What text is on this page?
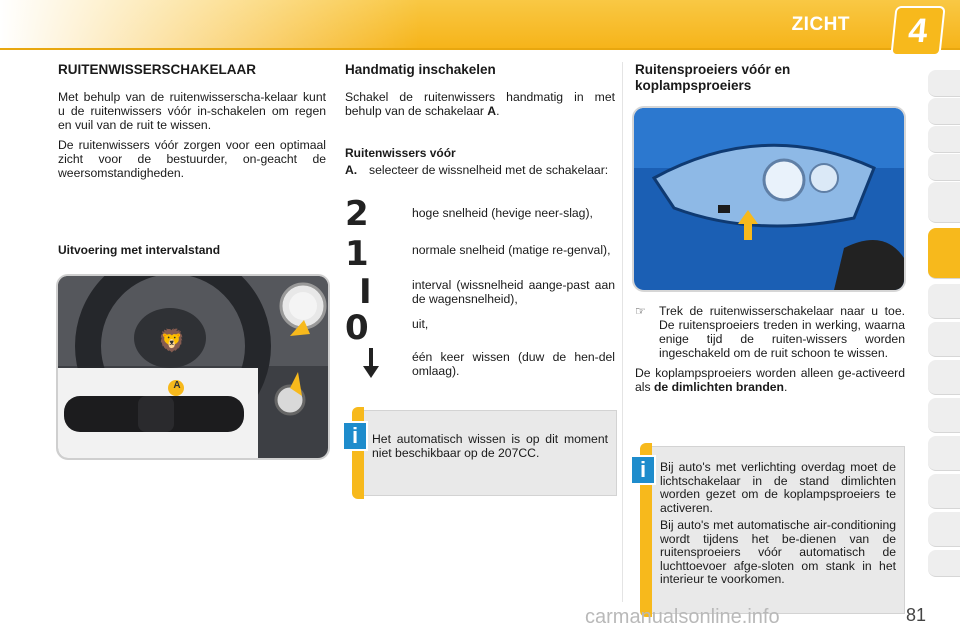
ZICHT	4
RUITENWISSERSCHAKELAAR

Met behulp van de ruitenwisserscha-kelaar kunt u de ruitenwissers vóór in-schakelen om regen en vuil van de ruit te wissen.

De ruitenwissers vóór zorgen voor een optimaal zicht voor de bestuurder, on-geacht de weersomstandigheden.

Uitvoering met intervalstand
🦁
A
Handmatig inschakelen

Schakel de ruitenwissers handmatig in met behulp van de schakelaar A.

Ruitenwissers vóór
A. selecteer de wissnelheid met de schakelaar:
2	hoge snelheid (hevige neer-slag),
1	normale snelheid (matige re-genval),
I	interval (wissnelheid aange-past aan de wagensnelheid),
0	uit,
één keer wissen (duw de hen-del omlaag).
i	Het automatisch wissen is op dit moment niet beschikbaar op de 207CC.
Ruitensproeiers vóór en koplampsproeiers
☞ Trek de ruitenwisserschakelaar naar u toe. De ruitensproeiers treden in werking, waarna enige tijd de ruiten-wissers worden ingeschakeld om de ruit schoon te wissen.

De koplampsproeiers worden alleen ge-activeerd als de dimlichten branden.

i	Bij auto's met verlichting overdag moet de lichtschakelaar in de stand dimlichten worden gezet om de koplampsproeiers te activeren.
Bij auto's met automatische air-conditioning wordt tijdens het be-dienen van de ruitensproeiers vóór automatisch de luchttoevoer afge-sloten om stank in het interieur te voorkomen.
carmanualsonline.info	81
